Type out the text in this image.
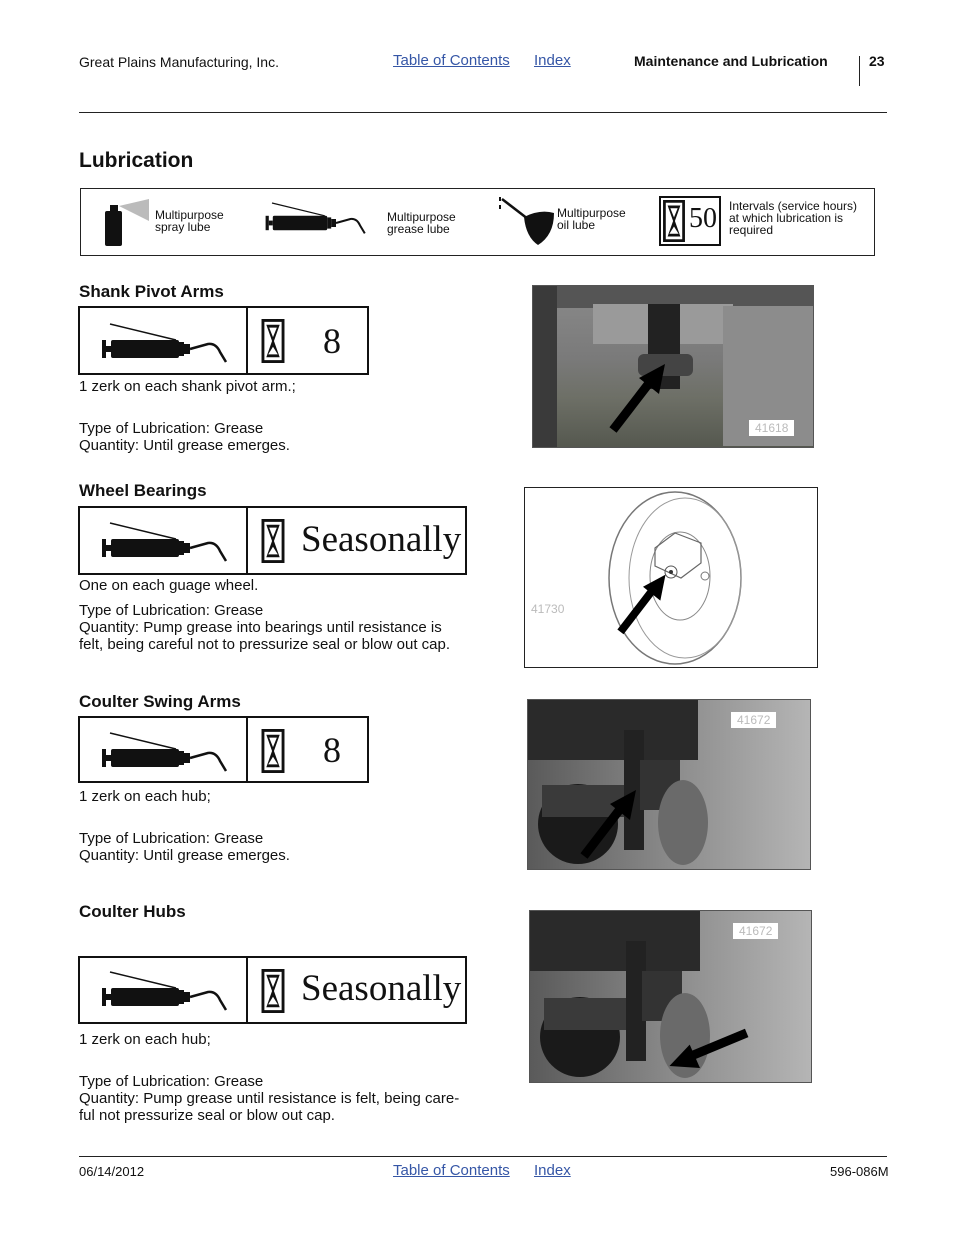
Great Plains Manufacturing, Inc.	Table of Contents Index	Maintenance and Lubrication	23
Lubrication
Multipurpose
spray lube
Multipurpose
grease lube
Multipurpose
oil lube	50 Intervals (service hours)
at which lubrication is
required
Shank Pivot Arms
8
1 zerk on each shank pivot arm.;
Type of Lubrication: Grease
Quantity: Until grease emerges.
41618
Wheel Bearings
Seasonally
One on each guage wheel.
Type of Lubrication: Grease
Quantity: Pump grease into bearings until resistance is
felt, being careful not to pressurize seal or blow out cap.
41730
Coulter Swing Arms
8
1 zerk on each hub;
Type of Lubrication: Grease
Quantity: Until grease emerges.
41672
Coulter Hubs
Seasonally
1 zerk on each hub;
Type of Lubrication: Grease
Quantity: Pump grease until resistance is felt, being care-
ful not pressurize seal or blow out cap.
41672
06/14/2012	Table of Contents Index	596-086M
